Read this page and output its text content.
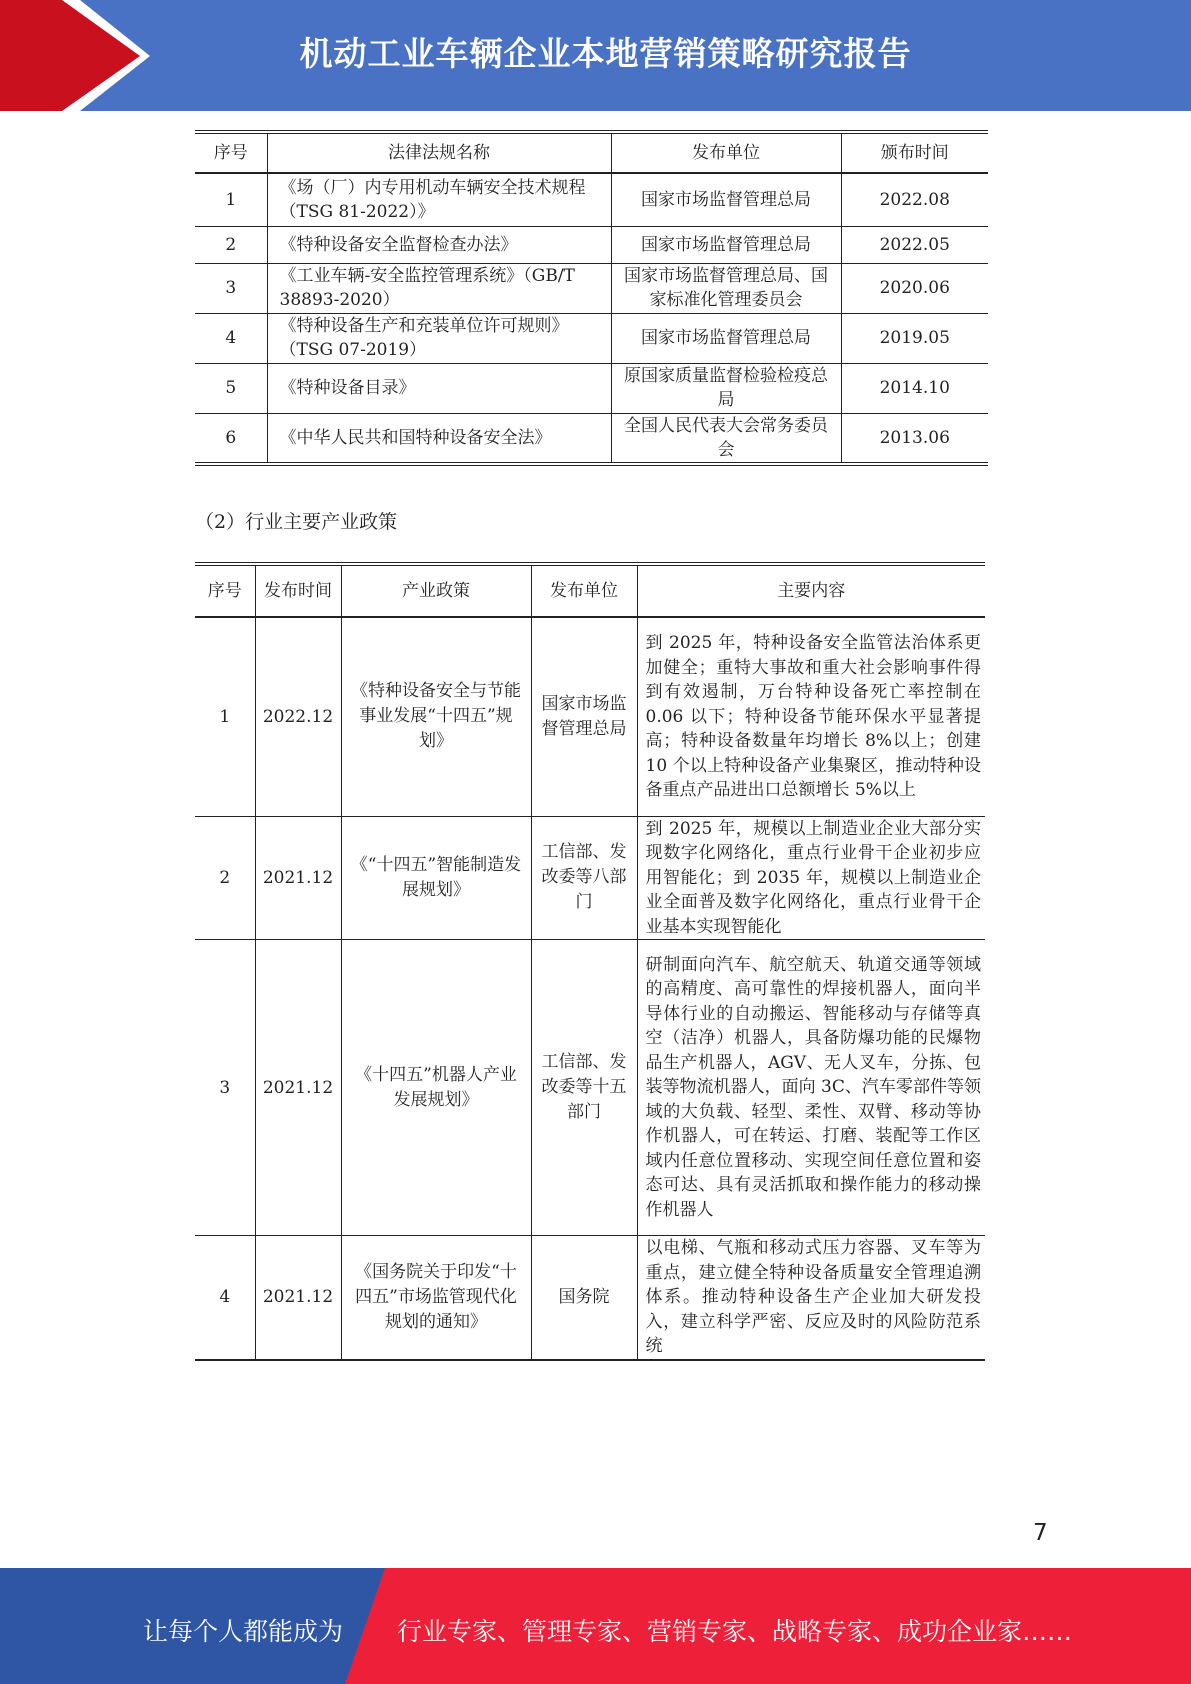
机动工业车辆企业本地营销策略研究报告
序号	法律法规名称	发布单位	颁布时间
1	《场（厂）内专用机动车辆安全技术规程（TSG 81-2022）》	国家市场监督管理总局	2022.08
2	《特种设备安全监督检查办法》	国家市场监督管理总局	2022.05
3	《工业车辆-安全监控管理系统》（GB/T 38893-2020）	国家市场监督管理总局、国家标准化管理委员会	2020.06
4	《特种设备生产和充装单位许可规则》（TSG 07-2019）	国家市场监督管理总局	2019.05
5	《特种设备目录》	原国家质量监督检验检疫总局	2014.10
6	《中华人民共和国特种设备安全法》	全国人民代表大会常务委员会	2013.06
（2）行业主要产业政策
序号	发布时间	产业政策	发布单位	主要内容
1	2022.12	《特种设备安全与节能事业发展“十四五”规划》	国家市场监督管理总局	到 2025 年，特种设备安全监管法治体系更加健全；重特大事故和重大社会影响事件得到有效遏制，万台特种设备死亡率控制在 0.06 以下；特种设备节能环保水平显著提高；特种设备数量年均增长 8%以上；创建 10 个以上特种设备产业集聚区，推动特种设备重点产品进出口总额增长 5%以上
2	2021.12	《“十四五”智能制造发展规划》	工信部、发改委等八部门	到 2025 年，规模以上制造业企业大部分实现数字化网络化，重点行业骨干企业初步应用智能化；到 2035 年，规模以上制造业企业全面普及数字化网络化，重点行业骨干企业基本实现智能化
3	2021.12	《十四五”机器人产业发展规划》	工信部、发改委等十五部门	研制面向汽车、航空航天、轨道交通等领域的高精度、高可靠性的焊接机器人，面向半导体行业的自动搬运、智能移动与存储等真空（洁净）机器人，具备防爆功能的民爆物品生产机器人，AGV、无人叉车，分拣、包装等物流机器人，面向 3C、汽车零部件等领域的大负载、轻型、柔性、双臂、移动等协作机器人，可在转运、打磨、装配等工作区域内任意位置移动、实现空间任意位置和姿态可达、具有灵活抓取和操作能力的移动操作机器人
4	2021.12	《国务院关于印发“十四五”市场监管现代化规划的通知》	国务院	以电梯、气瓶和移动式压力容器、叉车等为重点，建立健全特种设备质量安全管理追溯体系。推动特种设备生产企业加大研发投入，建立科学严密、反应及时的风险防范系统
7
让每个人都能成为 行业专家、管理专家、营销专家、战略专家、成功企业家……
